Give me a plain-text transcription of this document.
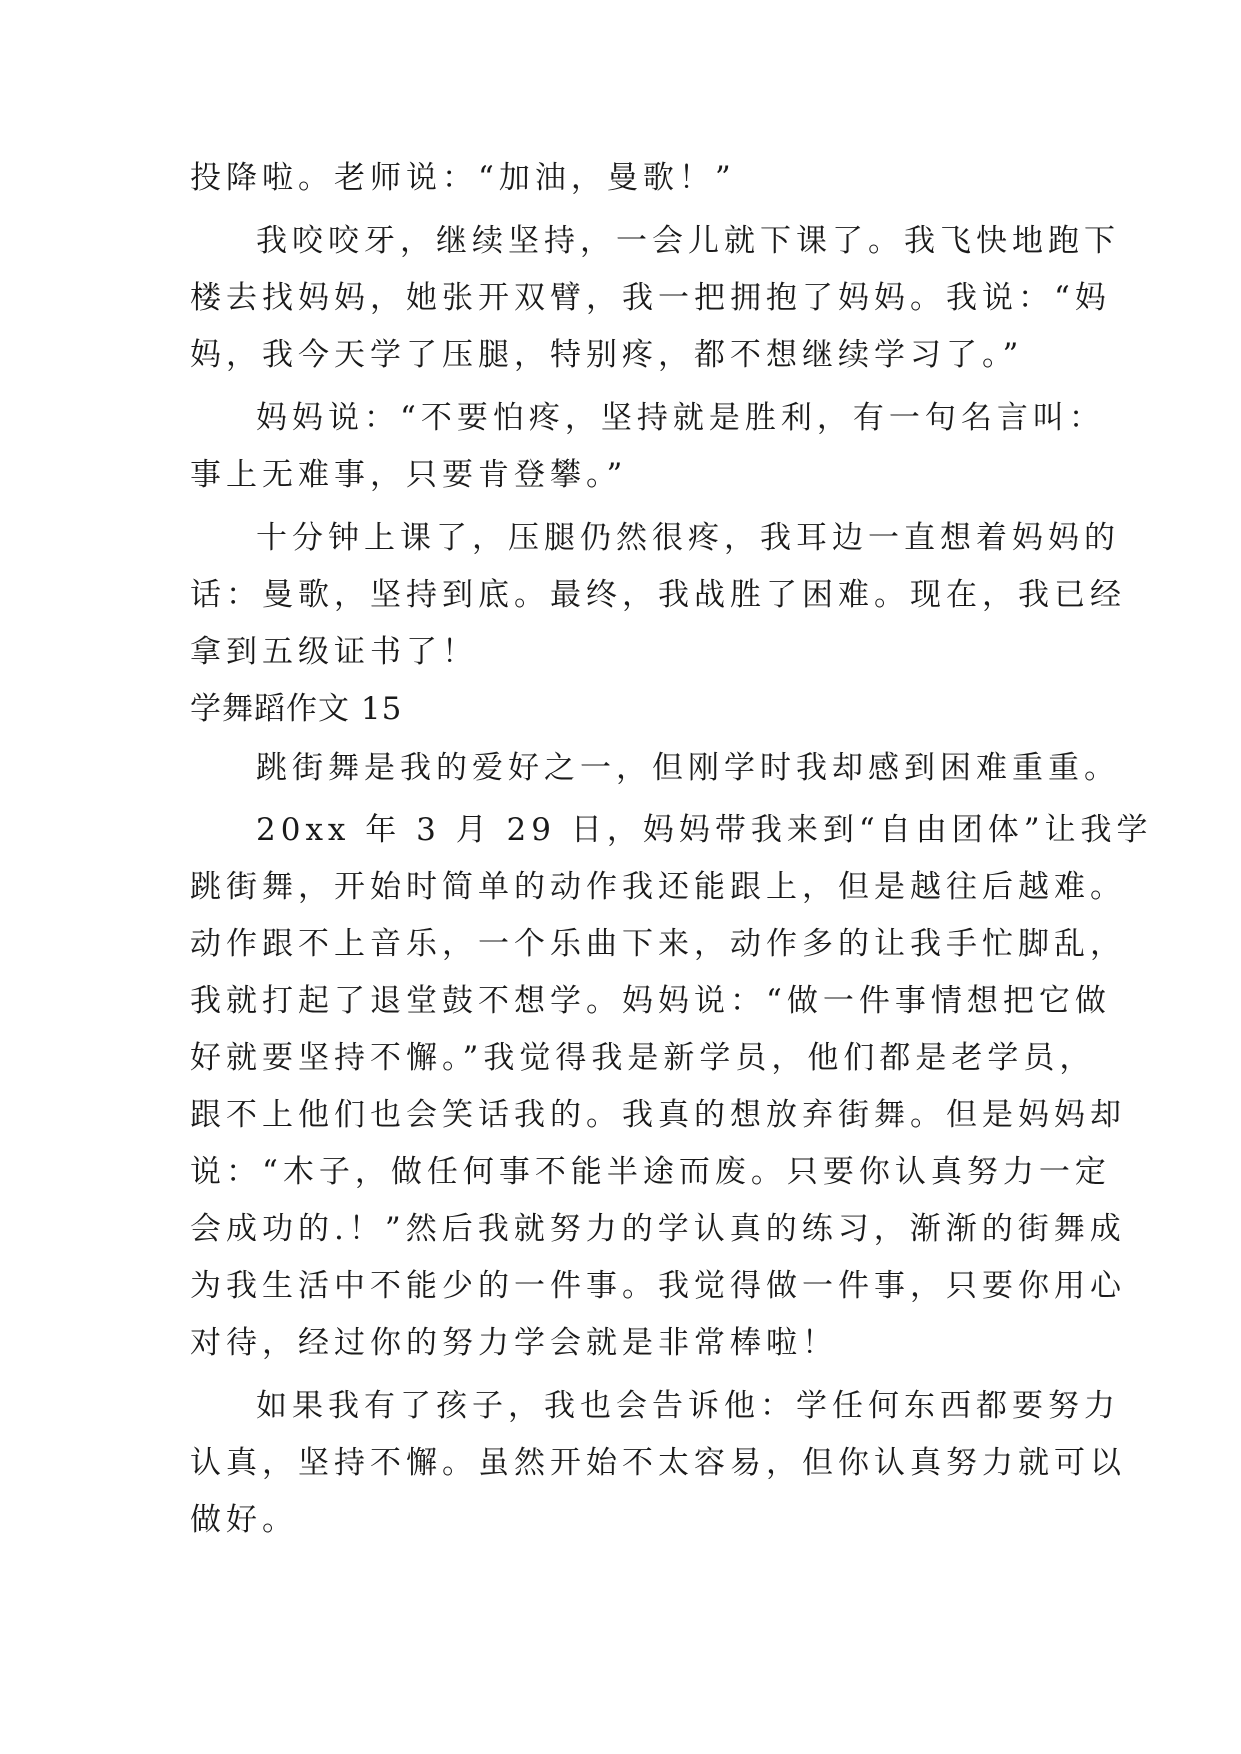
投降啦。老师说：“加油，曼歌！”
我咬咬牙，继续坚持，一会儿就下课了。我飞快地跑下
楼去找妈妈，她张开双臂，我一把拥抱了妈妈。我说：“妈
妈，我今天学了压腿，特别疼，都不想继续学习了。”
妈妈说：“不要怕疼，坚持就是胜利，有一句名言叫：
事上无难事，只要肯登攀。”
十分钟上课了，压腿仍然很疼，我耳边一直想着妈妈的
话：曼歌，坚持到底。最终，我战胜了困难。现在，我已经
拿到五级证书了！
学舞蹈作文 15
跳街舞是我的爱好之一，但刚学时我却感到困难重重。
20xx 年 3 月 29 日，妈妈带我来到“自由团体”让我学
跳街舞，开始时简单的动作我还能跟上，但是越往后越难。
动作跟不上音乐，一个乐曲下来，动作多的让我手忙脚乱，
我就打起了退堂鼓不想学。妈妈说：“做一件事情想把它做
好就要坚持不懈。”我觉得我是新学员，他们都是老学员，
跟不上他们也会笑话我的。我真的想放弃街舞。但是妈妈却
说：“木子，做任何事不能半途而废。只要你认真努力一定
会成功的.！”然后我就努力的学认真的练习，渐渐的街舞成
为我生活中不能少的一件事。我觉得做一件事，只要你用心
对待，经过你的努力学会就是非常棒啦！
如果我有了孩子，我也会告诉他：学任何东西都要努力
认真，坚持不懈。虽然开始不太容易，但你认真努力就可以
做好。
